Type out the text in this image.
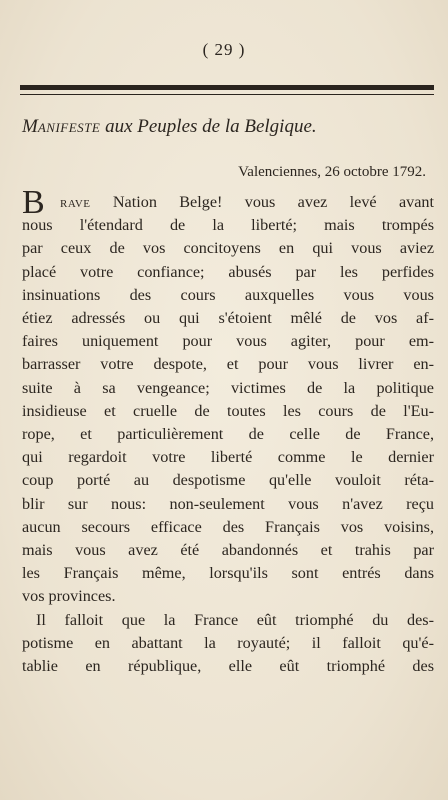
( 29 )
Manifeste aux Peuples de la Belgique.
Valenciennes, 26 octobre 1792.
B rave Nation Belge! vous avez levé avant
nous l'étendard de la liberté; mais trompés
par ceux de vos concitoyens en qui vous aviez
placé votre confiance; abusés par les perfides
insinuations des cours auxquelles vous vous
étiez adressés ou qui s'étoient mêlé de vos af-
faires uniquement pour vous agiter, pour em-
barrasser votre despote, et pour vous livrer en-
suite à sa vengeance; victimes de la politique
insidieuse et cruelle de toutes les cours de l'Eu-
rope, et particulièrement de celle de France,
qui regardoit votre liberté comme le dernier
coup porté au despotisme qu'elle vouloit réta-
blir sur nous: non-seulement vous n'avez reçu
aucun secours efficace des Français vos voisins,
mais vous avez été abandonnés et trahis par
les Français même, lorsqu'ils sont entrés dans
vos provinces.
Il falloit que la France eût triomphé du des-
potisme en abattant la royauté; il falloit qu'é-
tablie en république, elle eût triomphé des
